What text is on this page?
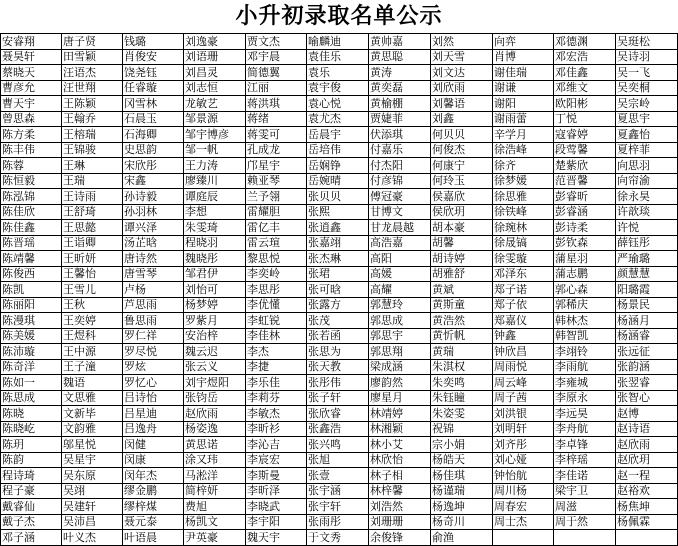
小升初录取名单公示
安睿翔	唐子贤	钱璐	刘逸豪	贾文杰	喻麟迪	黄帅嘉	刘然	向弈	邓德渊	吴珽松
聂昊轩	田雪颖	肖俊安	刘语珊	邓宇晨	袁佳乐	黄思聪	刘天雪	肖博	邓宏浩	吴诗羽
蔡晓天	汪语杰	饶尧钰	刘昌灵	简德翼	袁乐	黄涛	刘文达	谢佳瑞	邓佳鑫	吴一飞
曹彦允	汪世翔	任睿璇	刘志恒	江丽	袁宇俊	黄奕磊	刘欣雨	谢谦	邓维文	吴奕桐
曹天宇	王陈颖	冈雪林	龙敏艺	蒋洪琪	袁心悦	黄榆棚	刘馨语	谢阳	欧阳彬	吴宗岭
曾思森	王翰乔	石晨玉	邹景源	蒋绪	袁尤杰	贾婕菲	刘鑫	谢雨蕾	丁悦	夏思宇
陈方柔	王榕瑞	石海卿	邹宇博彦	蒋雯可	岳晨宇	伏添琪	何贝贝	辛学月	寇睿婷	夏鑫怡
陈丰伟	王锦骏	史思韵	邹一帆	孔成龙	岳培伟	付嘉乐	何俊杰	徐浩峰	段莺馨	夏梓菲
陈蓉	王琳	宋欣彤	王力涛	邝星宇	岳娴铮	付杰阳	何康宁	徐齐	楚紫欣	向思羽
陈恒毅	王瑞	宋鑫	廖臻川	赖亚琴	岳婉晴	付彦锦	何玲玉	徐梦媛	范晋馨	向帘渝
陈泓锦	王诗雨	孙诗毅	谭庭辰	兰予翎	张贝贝	傅冠豪	侯嘉欣	徐思雅	彭睿昕	徐永昊
陈佳欣	王舒琦	孙羽林	李想	雷耀胆	张熙	甘博文	侯欣玥	徐铁峰	彭睿涵	许歆琰
陈佳鑫	王思懿	谭兴泽	朱雯琦	雷亿丰	张逍鑫	甘龙晨越	胡本豪	徐琬林	彭诗柔	许悦
陈晋瑶	王诣卿	汤芷晗	程晓羽	雷云瑄	张嘉翊	高浩嘉	胡馨	徐晟镐	彭钦森	薛钰彤
陈靖馨	王昕妍	唐诗然	魏晓彤	黎思悦	张杰琳	高阳	胡诗婷	徐雯璇	蒲星羽	严瑜璐
陈俊西	王馨怡	唐雪琴	邹君伊	李奕岭	张珺	高媛	胡雅舒	邓泽东	蒲志鹏	颜慧慧
陈凯	王雪儿	卢杨	刘怡可	李思彤	张可晗	高耀	黄斌	郑子诺	郭心森	阳璐霞
陈丽阳	王秋	芦思雨	杨梦婷	李优懂	张露方	郭慧玲	黄斯童	郑子依	郭稀庆	杨景民
陈漫琪	王奕婷	鲁思雨	罗紫月	李虹锐	张茂	郭思成	黄浩然	郑嘉仪	韩林杰	杨涵月
陈美媛	王煜科	罗仁祥	安治梓	李佳林	张若函	郭思宇	黄忻帆	钟鑫	韩智凯	杨涵睿
陈沛璇	王中源	罗尽悦	魏云迟	李杰	张思为	郭思翔	黄瑞	钟欣昌	李翊铃	张远征
陈奇洋	王子潼	罗炫	张云义	李捷	张天教	梁成涵	朱淇权	周雨悦	李雨航	张韵涵
陈如一	魏语	罗忆心	刘宇煜阳	李乐佳	张彤伟	廖韵然	朱奕鸣	周云峰	李雍城	张翌睿
陈思成	文思雅	吕诗怡	张钧岳	李莉芬	张子轩	廖星月	朱钰瞳	周子茜	李原永	张智心
陈晓	文新毕	吕星迪	赵欣雨	李敏杰	张欣睿	林靖婷	朱姿雯	刘洪银	李远昊	赵博
陈晓屹	文韵雅	吕逸舟	杨姿逸	李昕衫	张鑫浩	林湘颖	祝锦	刘明轩	李舟航	赵诗语
陈玥	邬星悦	闵健	黄思诺	李沁吉	张兴鸣	林小艾	宗小娟	刘齐彤	李卓锋	赵欣雨
陈韵	吴星宇	闵康	涂又玮	李宸宏	张旭	林欣怡	杨皓天	刘心娅	李梓瑶	赵欣玥
程诗琦	吴东原	闵年杰	马淞洋	李斯曼	张壹	林子相	杨佳琪	钟怡航	李佳诺	赵一程
程子豪	吴翊	缪金鹏	简梓妍	李昕泽	张宇涵	林梓馨	杨谨瑞	周川杨	梁宇卫	赵裕欢
戴睿仙	吴建轩	缪梓煤	费旭	李晓武	张宇轩	刘浩然	杨逸坤	周春宏	周滋	杨焦坤
戴子杰	吴沛昌	聂元泰	杨凯文	李宇阳	张雨彤	刘珊珊	杨奇川	周士杰	周于然	杨佩霖
邓子涵	叶义杰	叶语晨	尹英豪	魏天宇	于文秀	余俊锋	俞渔			
